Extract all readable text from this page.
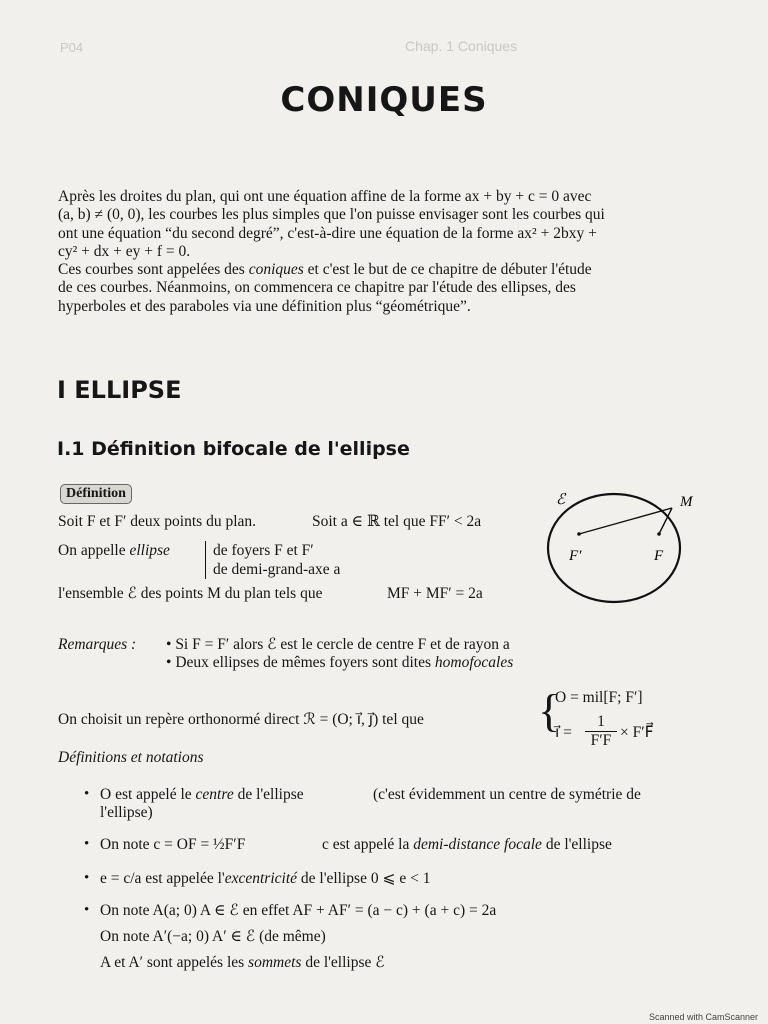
P04	Chap. 1 Coniques
CONIQUES
Après les droites du plan, qui ont une équation affine de la forme ax + by + c = 0 avec
(a, b) ≠ (0, 0), les courbes les plus simples que l'on puisse envisager sont les courbes qui
ont une équation “du second degré”, c'est-à-dire une équation de la forme ax² + 2bxy +
cy² + dx + ey + f = 0.
Ces courbes sont appelées des coniques et c'est le but de ce chapitre de débuter l'étude
de ces courbes. Néanmoins, on commencera ce chapitre par l'étude des ellipses, des
hyperboles et des paraboles via une définition plus “géométrique”.
I ELLIPSE
I.1 Définition bifocale de l'ellipse
Définition
Soit F et F′ deux points du plan.	Soit a ∈ ℝ tel que FF′ < 2a
On appelle ellipse	de foyers F et F′
de demi-grand-axe a
l'ensemble ℰ des points M du plan tels que	MF + MF′ = 2a
ℰ	M
F′	F
Remarques : • Si F = F′ alors ℰ est le cercle de centre F et de rayon a
• Deux ellipses de mêmes foyers sont dites homofocales
On choisit un repère orthonormé direct ℛ = (O; i⃗, j⃗) tel que {
O = mil[F; F′]
i⃗ = $\frac{1}{F'F}$ × F′F⃗
Définitions et notations
• O est appelé le centre de l'ellipse	(c'est évidemment un centre de symétrie de
l'ellipse)
• On note c = OF = ½F′F	c est appelé la demi-distance focale de l'ellipse
• e = c/a est appelée l'excentricité de l'ellipse 0 ⩽ e < 1
• On note A(a; 0) A ∈ ℰ en effet AF + AF′ = (a − c) + (a + c) = 2a
On note A′(−a; 0) A′ ∈ ℰ (de même)
A et A′ sont appelés les sommets de l'ellipse ℰ
Scanned with CamScanner
